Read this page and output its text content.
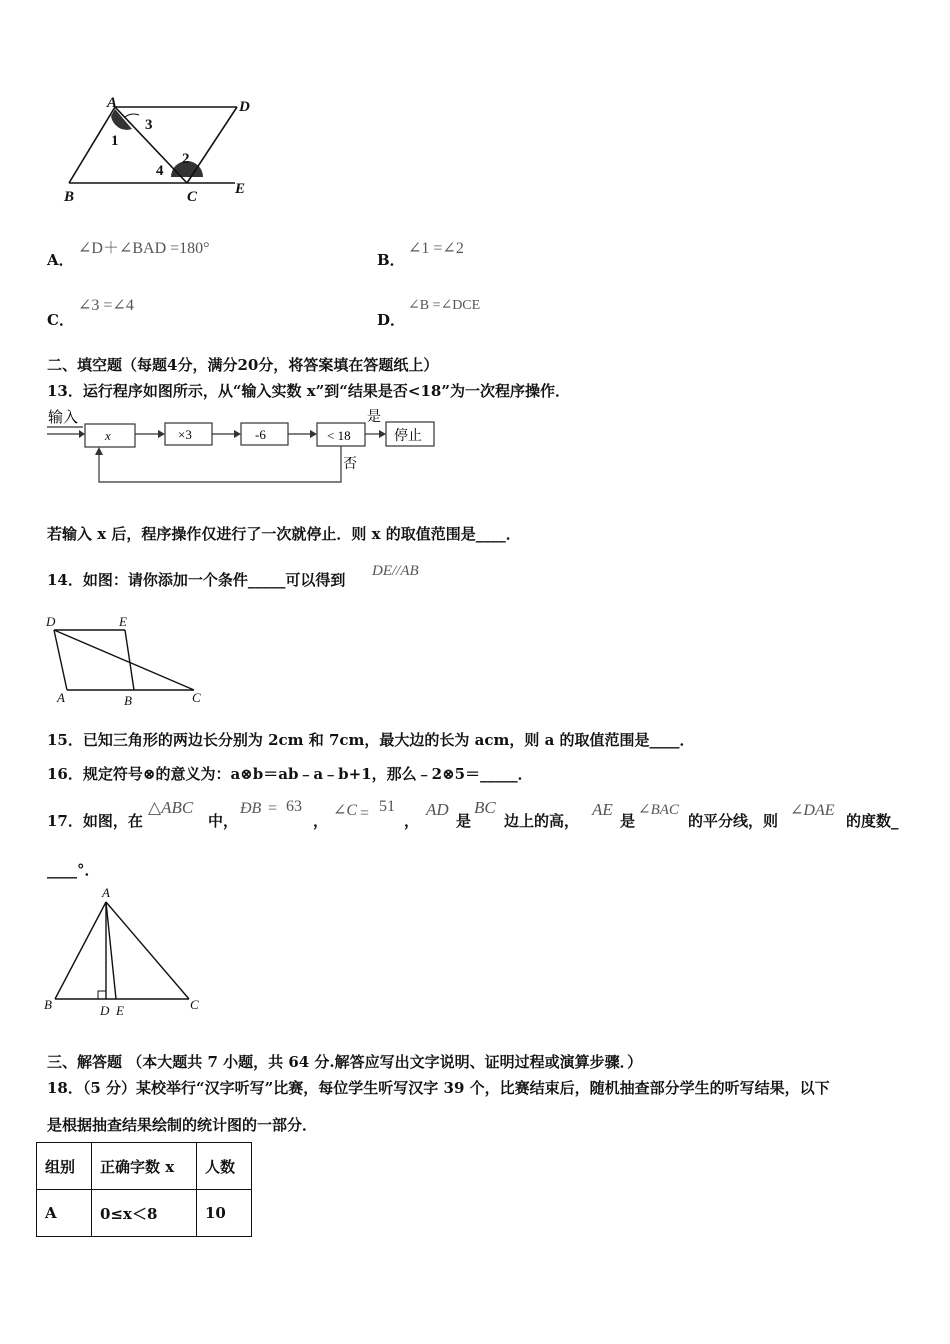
A	D
B	C	E
1
2
3
4
A．
∠D＋∠BAD =180°
B．
∠1 =∠2
C．
∠3 =∠4
D．
∠B =∠DCE
二、填空题（每题4分，满分20分，将答案填在答题纸上）
13．运行程序如图所示，从“输入实数 x”到“结果是否<18”为一次程序操作．
输入
x	×3	-6	< 18
是
停止
否
若输入 x 后，程序操作仅进行了一次就停止．则 x 的取值范围是____．
14．如图：请你添加一个条件_____可以得到 DE//AB
D	E
A	B	C
15．已知三角形的两边长分别为 2cm 和 7cm，最大边的长为 acm，则 a 的取值范围是____．
16．规定符号⊗的意义为：a⊗b＝ab﹣a﹣b+1，那么﹣2⊗5＝_____．
17．如图，在
△ABC
中，
ÐB = 63
，
∠C = 51
，
AD
是
BC
边上的高，
AE
是
∠BAC
的平分线，则
∠DAE
的度数_
____°．
A
B	C
D E
三、解答题 （本大题共 7 小题，共 64 分.解答应写出文字说明、证明过程或演算步骤．）
18．（5 分）某校举行“汉字听写”比赛，每位学生听写汉字 39 个，比赛结束后，随机抽查部分学生的听写结果，以下
是根据抽查结果绘制的统计图的一部分．
组别	正确字数 x	人数
A	0≤x＜8	10
